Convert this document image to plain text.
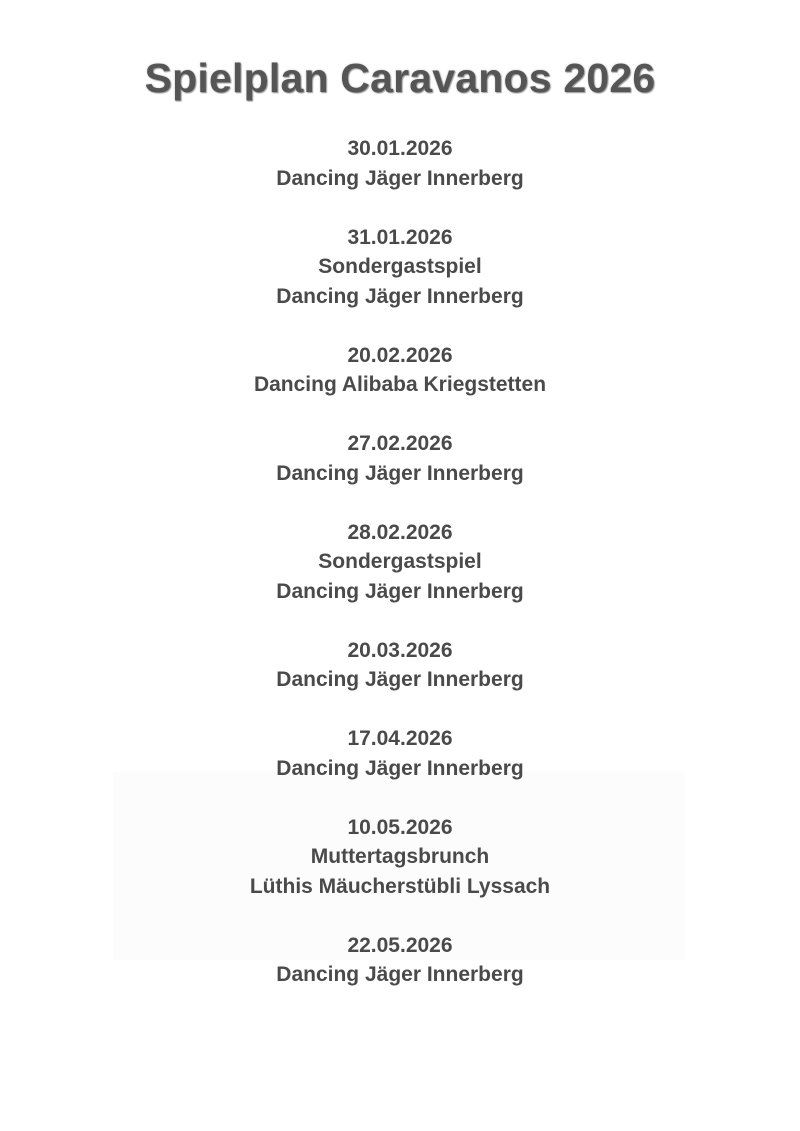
Spielplan Caravanos 2026
30.01.2026
Dancing Jäger Innerberg
31.01.2026
Sondergastspiel
Dancing Jäger Innerberg
20.02.2026
Dancing Alibaba Kriegstetten
27.02.2026
Dancing Jäger Innerberg
28.02.2026
Sondergastspiel
Dancing Jäger Innerberg
20.03.2026
Dancing Jäger Innerberg
17.04.2026
Dancing Jäger Innerberg
10.05.2026
Muttertagsbrunch
Lüthis Mäucherstübli Lyssach
22.05.2026
Dancing Jäger Innerberg
